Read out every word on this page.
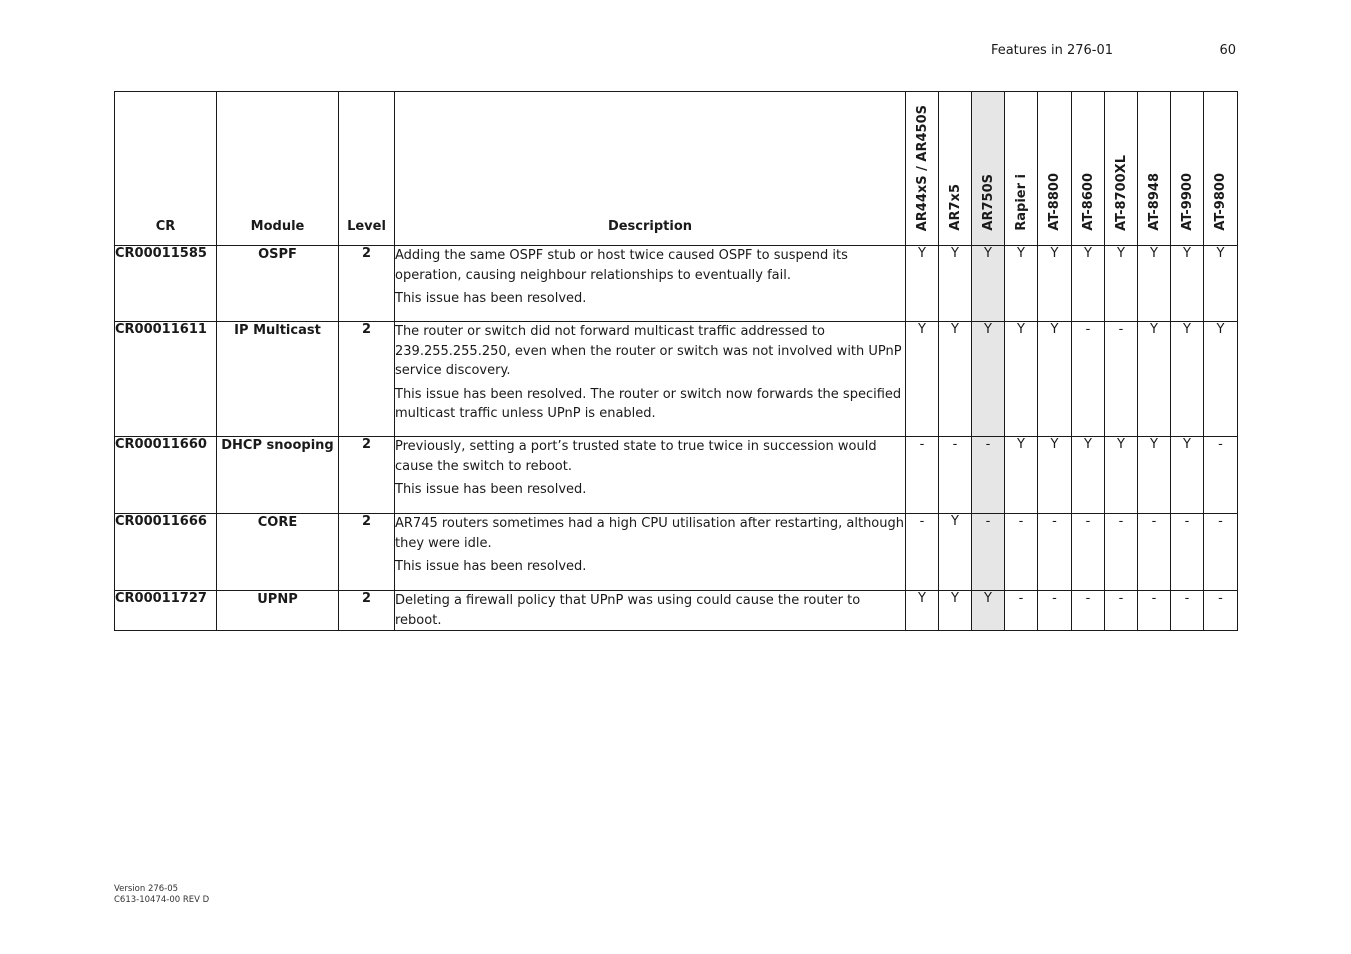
Features in 276-01	60
CR	Module	Level	Description	AR44xS / AR450S	AR7x5	AR750S	Rapier i	AT-8800	AT-8600	AT-8700XL	AT-8948	AT-9900	AT-9800
CR00011585	OSPF	2	Adding the same OSPF stub or host twice caused OSPF to suspend its operation, causing neighbour relationships to eventually fail.

This issue has been resolved.	Y	Y	Y	Y	Y	Y	Y	Y	Y	Y
CR00011611	IP Multicast	2	The router or switch did not forward multicast traffic addressed to 239.255.255.250, even when the router or switch was not involved with UPnP service discovery.

This issue has been resolved. The router or switch now forwards the specified multicast traffic unless UPnP is enabled.	Y	Y	Y	Y	Y	-	-	Y	Y	Y
CR00011660	DHCP snooping	2	Previously, setting a port’s trusted state to true twice in succession would cause the switch to reboot.

This issue has been resolved.	-	-	-	Y	Y	Y	Y	Y	Y	-
CR00011666	CORE	2	AR745 routers sometimes had a high CPU utilisation after restarting, although they were idle.

This issue has been resolved.	-	Y	-	-	-	-	-	-	-	-
CR00011727	UPNP	2	Deleting a firewall policy that UPnP was using could cause the router to reboot.	Y	Y	Y	-	-	-	-	-	-	-
Version 276-05
C613-10474-00 REV D
